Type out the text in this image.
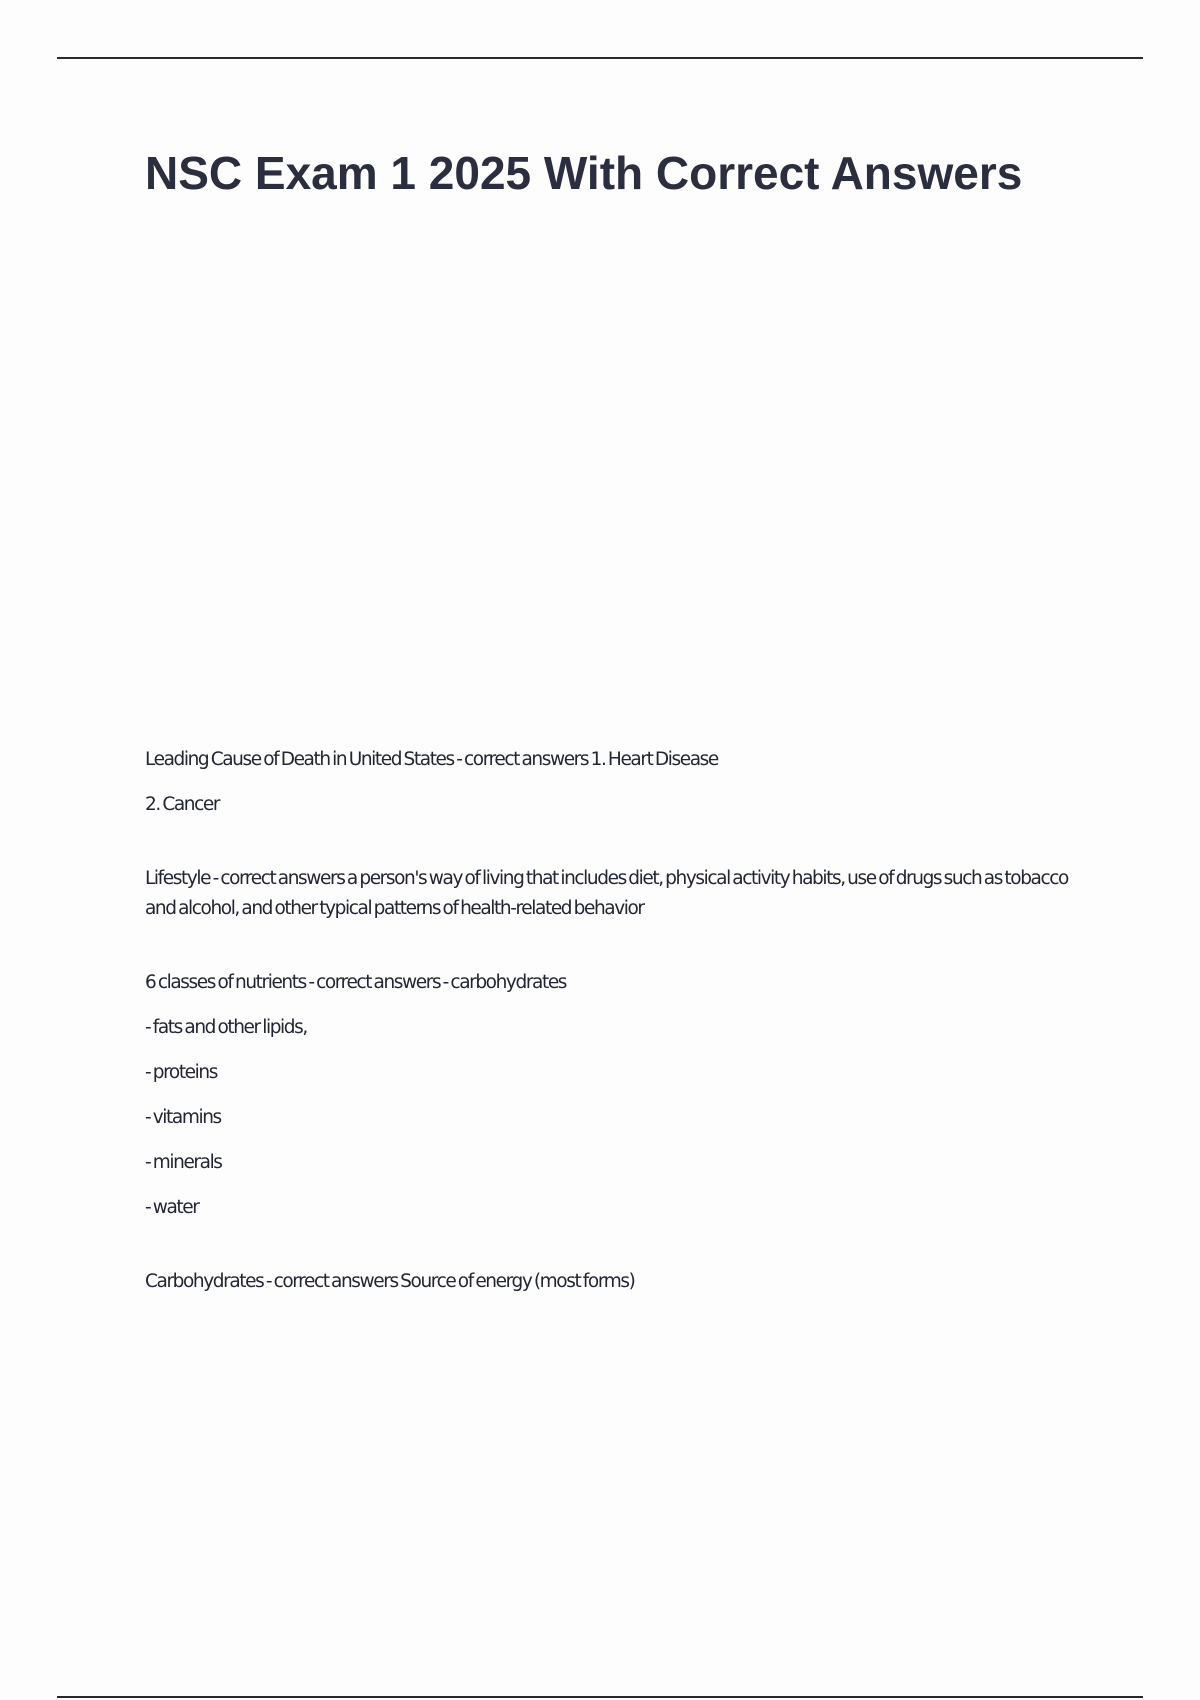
NSC Exam 1 2025 With Correct Answers

Leading Cause of Death in United States - correct answers 1. Heart Disease

2. Cancer

Lifestyle - correct answers a person's way of living that includes diet, physical activity habits, use of drugs such as tobacco and alcohol, and other typical patterns of health-related behavior

6 classes of nutrients - correct answers - carbohydrates

- fats and other lipids,

- proteins

- vitamins

- minerals

- water

Carbohydrates - correct answers Source of energy (most forms)
